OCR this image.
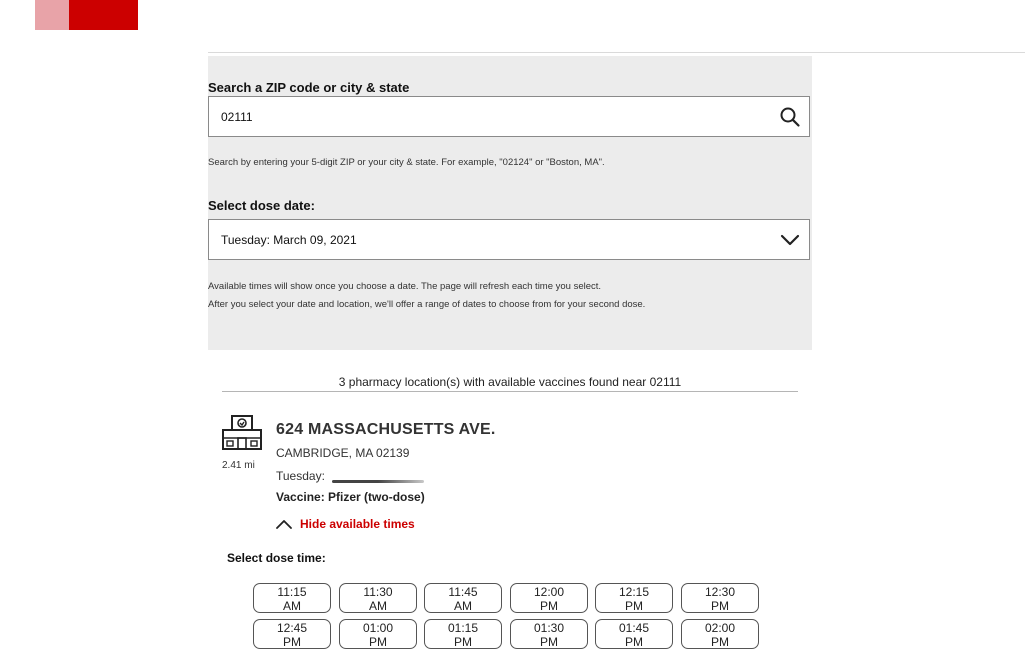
Search a ZIP code or city & state
02111
Search by entering your 5-digit ZIP or your city & state. For example, "02124" or "Boston, MA".
Select dose date:
Tuesday: March 09, 2021
Available times will show once you choose a date. The page will refresh each time you select.
After you select your date and location, we'll offer a range of dates to choose from for your second dose.
3 pharmacy location(s) with available vaccines found near 02111
2.41 mi
624 MASSACHUSETTS AVE.
CAMBRIDGE, MA 02139
Tuesday:
Vaccine: Pfizer (two-dose)
Hide available times
Select dose time:
11:15
AM
11:30
AM
11:45
AM
12:00
PM
12:15
PM
12:30
PM
12:45
PM
01:00
PM
01:15
PM
01:30
PM
01:45
PM
02:00
PM
